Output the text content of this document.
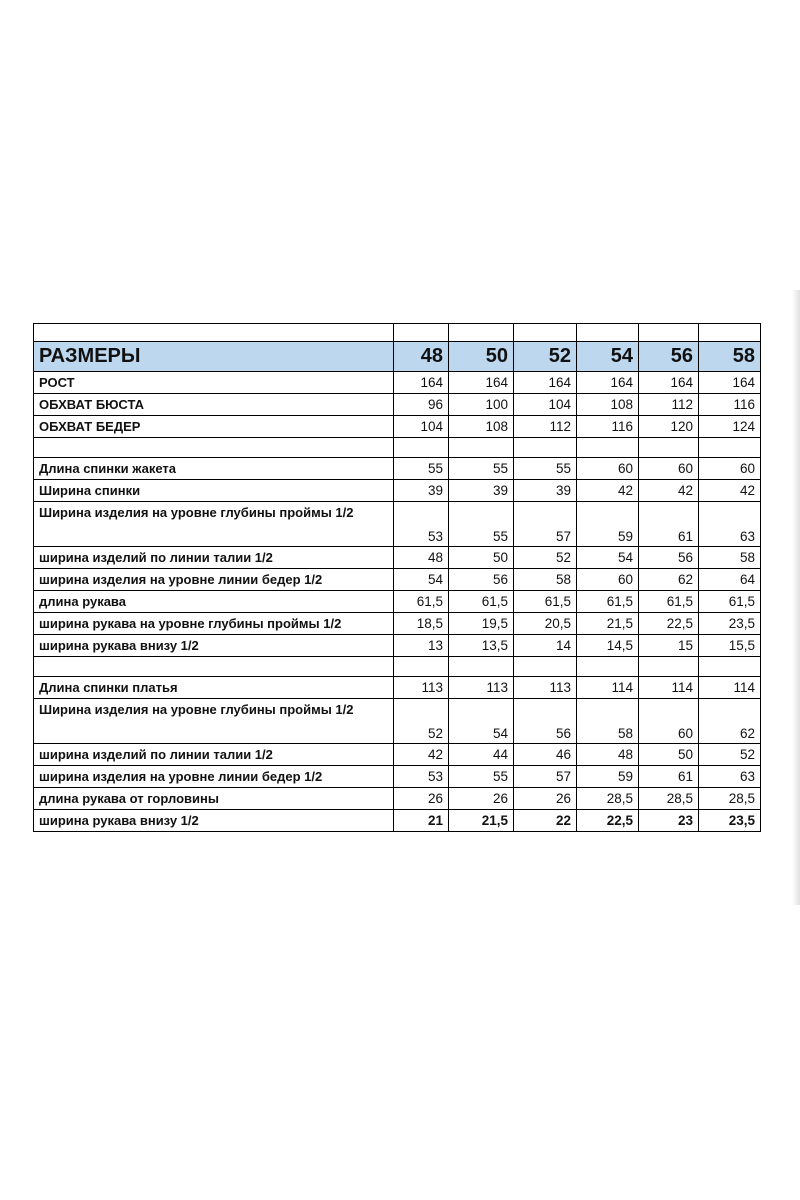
РАЗМЕРЫ	48	50	52	54	56	58
РОСТ	164	164	164	164	164	164
ОБХВАТ БЮСТА	96	100	104	108	112	116
ОБХВАТ БЕДЕР	104	108	112	116	120	124

Длина спинки жакета	55	55	55	60	60	60
Ширина спинки	39	39	39	42	42	42
Ширина изделия на уровне глубины проймы 1/2	53	55	57	59	61	63
ширина изделий по линии талии 1/2	48	50	52	54	56	58
ширина изделия на уровне линии бедер 1/2	54	56	58	60	62	64
длина рукава	61,5	61,5	61,5	61,5	61,5	61,5
ширина рукава на уровне глубины проймы 1/2	18,5	19,5	20,5	21,5	22,5	23,5
ширина рукава внизу 1/2	13	13,5	14	14,5	15	15,5

Длина спинки платья	113	113	113	114	114	114
Ширина изделия на уровне глубины проймы 1/2	52	54	56	58	60	62
ширина изделий по линии талии 1/2	42	44	46	48	50	52
ширина изделия на уровне линии бедер 1/2	53	55	57	59	61	63
длина рукава от горловины	26	26	26	28,5	28,5	28,5
ширина рукава внизу 1/2	21	21,5	22	22,5	23	23,5
